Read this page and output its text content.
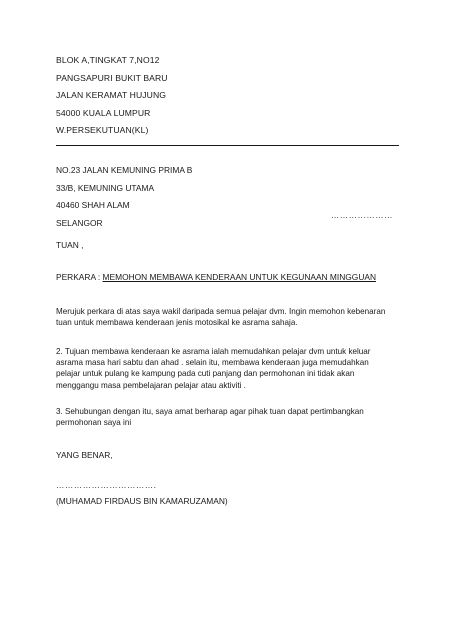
BLOK A,TINGKAT 7,NO12
PANGSAPURI BUKIT BARU
JALAN KERAMAT HUJUNG
54000 KUALA LUMPUR
W.PERSEKUTUAN(KL)
NO.23 JALAN KEMUNING PRIMA B
33/B, KEMUNING UTAMA
40460 SHAH ALAM
SELANGOR
…………………
TUAN ,
PERKARA : MEMOHON MEMBAWA KENDERAAN UNTUK KEGUNAAN MINGGUAN
Merujuk perkara di atas saya wakil daripada semua pelajar dvm. Ingin memohon kebenaran
tuan untuk membawa kenderaan jenis motosikal ke asrama sahaja.
2. Tujuan membawa kenderaan ke asrama ialah memudahkan pelajar dvm untuk keluar
asrama masa hari sabtu dan ahad . selain itu, membawa kenderaan juga memudahkan
pelajar untuk pulang ke kampung pada cuti panjang dan permohonan ini tidak akan
menggangu masa pembelajaran pelajar atau aktiviti .
3. Sehubungan dengan itu, saya amat berharap agar pihak tuan dapat pertimbangkan
permohonan saya ini
YANG BENAR,
…………………………….
(MUHAMAD FIRDAUS BIN KAMARUZAMAN)
